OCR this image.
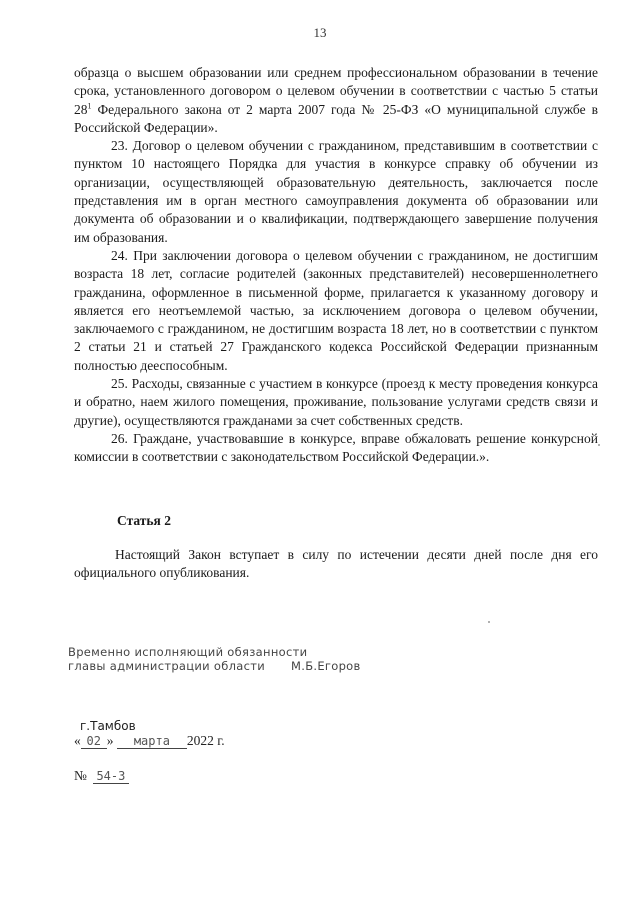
13

образца о высшем образовании или среднем профессиональном образовании в течение срока, установленного договором о целевом обучении в соответствии с частью 5 статьи $28^1$ Федерального закона от 2 марта 2007 года № 25-ФЗ «О муниципальной службе в Российской Федерации».

23. Договор о целевом обучении с гражданином, представившим в соответствии с пунктом 10 настоящего Порядка для участия в конкурсе справку об обучении из организации, осуществляющей образовательную деятельность, заключается после представления им в орган местного самоуправления документа об образовании или документа об образовании и о квалификации, подтверждающего завершение получения им образования.

24. При заключении договора о целевом обучении с гражданином, не достигшим возраста 18 лет, согласие родителей (законных представителей) несовершеннолетнего гражданина, оформленное в письменной форме, прилагается к указанному договору и является его неотъемлемой частью, за исключением договора о целевом обучении, заключаемого с гражданином, не достигшим возраста 18 лет, но в соответствии с пунктом 2 статьи 21 и статьей 27 Гражданского кодекса Российской Федерации признанным полностью дееспособным.

25. Расходы, связанные с участием в конкурсе (проезд к месту проведения конкурса и обратно, наем жилого помещения, проживание, пользование услугами средств связи и другие), осуществляются гражданами за счет собственных средств.

26. Граждане, участвовавшие в конкурсе, вправе обжаловать решение конкурсной комиссии в соответствии с законодательством Российской Федерации.».

Статья 2
Настоящий Закон вступает в силу по истечении десяти дней после дня его официального опубликования.
Временно исполняющий обязанности
главы администрации области М.Б.Егоров
г.Тамбов
« 02 » марта 2022 г.
№ 54-З
